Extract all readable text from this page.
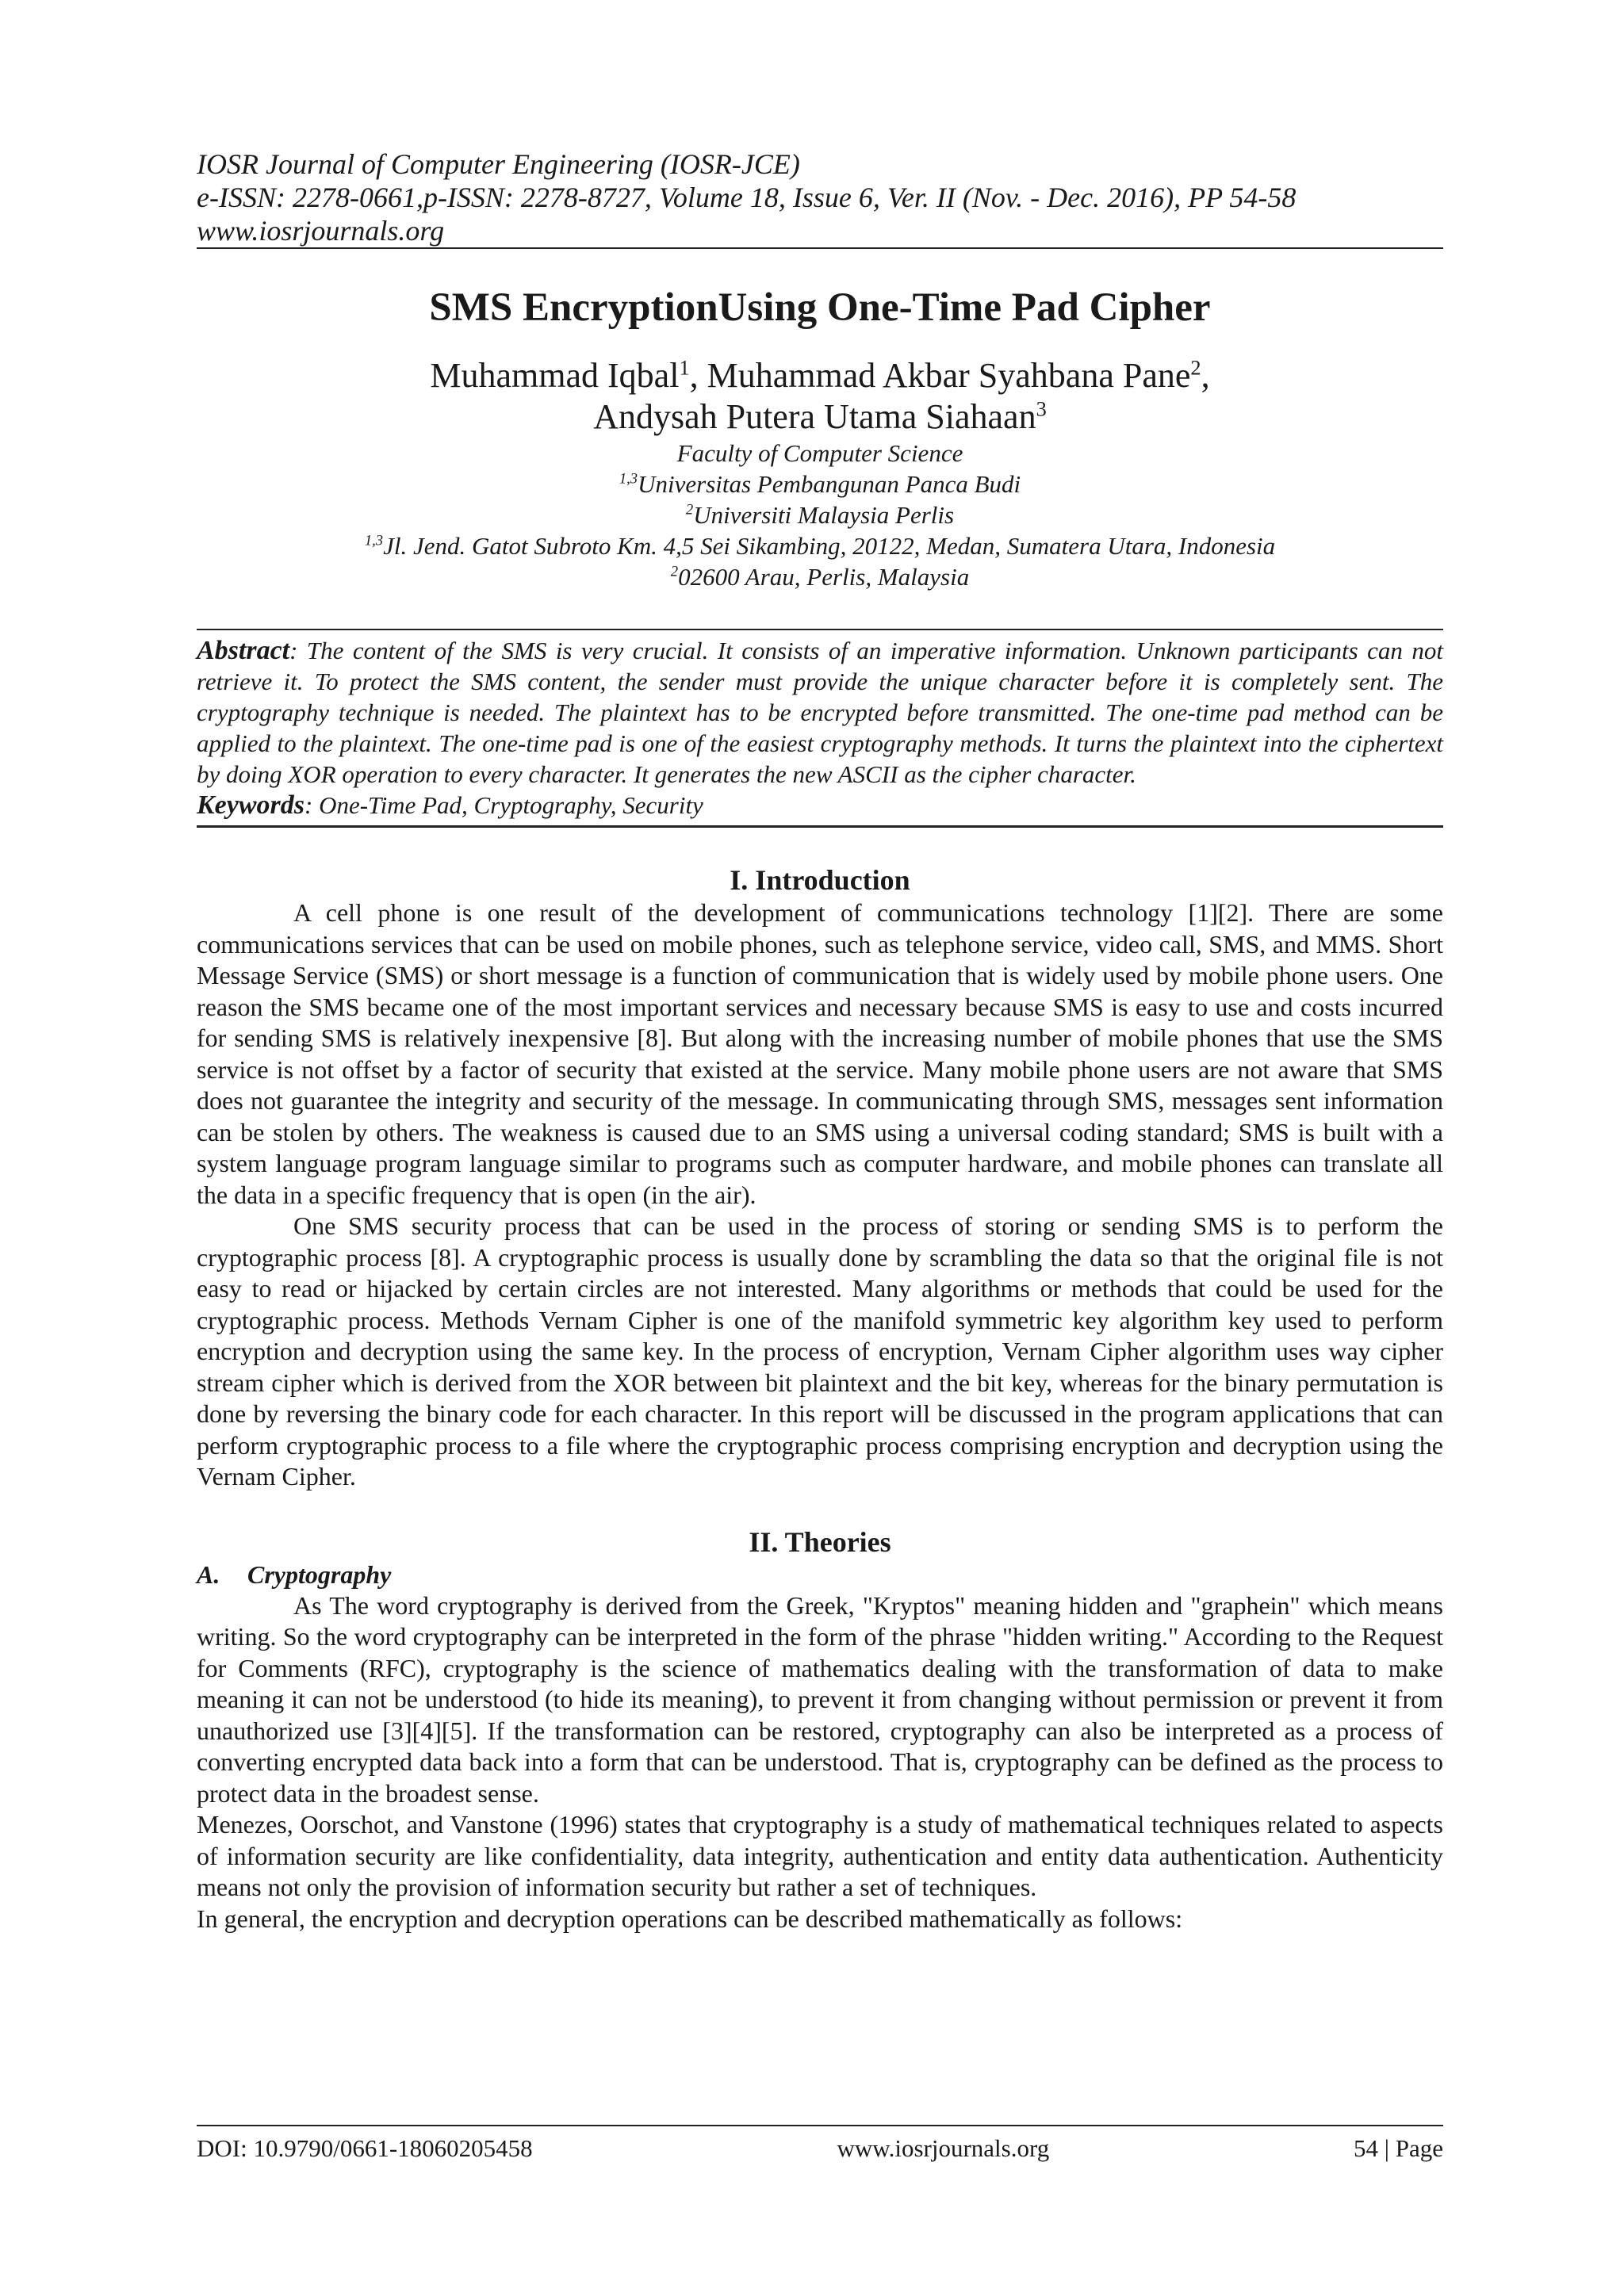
IOSR Journal of Computer Engineering (IOSR-JCE)
e-ISSN: 2278-0661,p-ISSN: 2278-8727, Volume 18, Issue 6, Ver. II (Nov. - Dec. 2016), PP 54-58
www.iosrjournals.org
SMS EncryptionUsing One-Time Pad Cipher
Muhammad Iqbal$^1$, Muhammad Akbar Syahbana Pane$^2$,
Andysah Putera Utama Siahaan$^3$
Faculty of Computer Science
$^{1,3}$Universitas Pembangunan Panca Budi
$^2$Universiti Malaysia Perlis
$^{1,3}$Jl. Jend. Gatot Subroto Km. 4,5 Sei Sikambing, 20122, Medan, Sumatera Utara, Indonesia
$^2$02600 Arau, Perlis, Malaysia
Abstract: The content of the SMS is very crucial. It consists of an imperative information. Unknown participants can not retrieve it. To protect the SMS content, the sender must provide the unique character before it is completely sent. The cryptography technique is needed. The plaintext has to be encrypted before transmitted. The one-time pad method can be applied to the plaintext. The one-time pad is one of the easiest cryptography methods. It turns the plaintext into the ciphertext by doing XOR operation to every character. It generates the new ASCII as the cipher character.
Keywords: One-Time Pad, Cryptography, Security
I. Introduction

A cell phone is one result of the development of communications technology [1][2]. There are some communications services that can be used on mobile phones, such as telephone service, video call, SMS, and MMS. Short Message Service (SMS) or short message is a function of communication that is widely used by mobile phone users. One reason the SMS became one of the most important services and necessary because SMS is easy to use and costs incurred for sending SMS is relatively inexpensive [8]. But along with the increasing number of mobile phones that use the SMS service is not offset by a factor of security that existed at the service. Many mobile phone users are not aware that SMS does not guarantee the integrity and security of the message. In communicating through SMS, messages sent information can be stolen by others. The weakness is caused due to an SMS using a universal coding standard; SMS is built with a system language program language similar to programs such as computer hardware, and mobile phones can translate all the data in a specific frequency that is open (in the air).

One SMS security process that can be used in the process of storing or sending SMS is to perform the cryptographic process [8]. A cryptographic process is usually done by scrambling the data so that the original file is not easy to read or hijacked by certain circles are not interested. Many algorithms or methods that could be used for the cryptographic process. Methods Vernam Cipher is one of the manifold symmetric key algorithm key used to perform encryption and decryption using the same key. In the process of encryption, Vernam Cipher algorithm uses way cipher stream cipher which is derived from the XOR between bit plaintext and the bit key, whereas for the binary permutation is done by reversing the binary code for each character. In this report will be discussed in the program applications that can perform cryptographic process to a file where the cryptographic process comprising encryption and decryption using the Vernam Cipher.

II. Theories
A. Cryptography

As The word cryptography is derived from the Greek, "Kryptos" meaning hidden and "graphein" which means writing. So the word cryptography can be interpreted in the form of the phrase "hidden writing." According to the Request for Comments (RFC), cryptography is the science of mathematics dealing with the transformation of data to make meaning it can not be understood (to hide its meaning), to prevent it from changing without permission or prevent it from unauthorized use [3][4][5]. If the transformation can be restored, cryptography can also be interpreted as a process of converting encrypted data back into a form that can be understood. That is, cryptography can be defined as the process to protect data in the broadest sense.

Menezes, Oorschot, and Vanstone (1996) states that cryptography is a study of mathematical techniques related to aspects of information security are like confidentiality, data integrity, authentication and entity data authentication. Authenticity means not only the provision of information security but rather a set of techniques.

In general, the encryption and decryption operations can be described mathematically as follows:

DOI: 10.9790/0661-18060205458	www.iosrjournals.org	54 | Page
